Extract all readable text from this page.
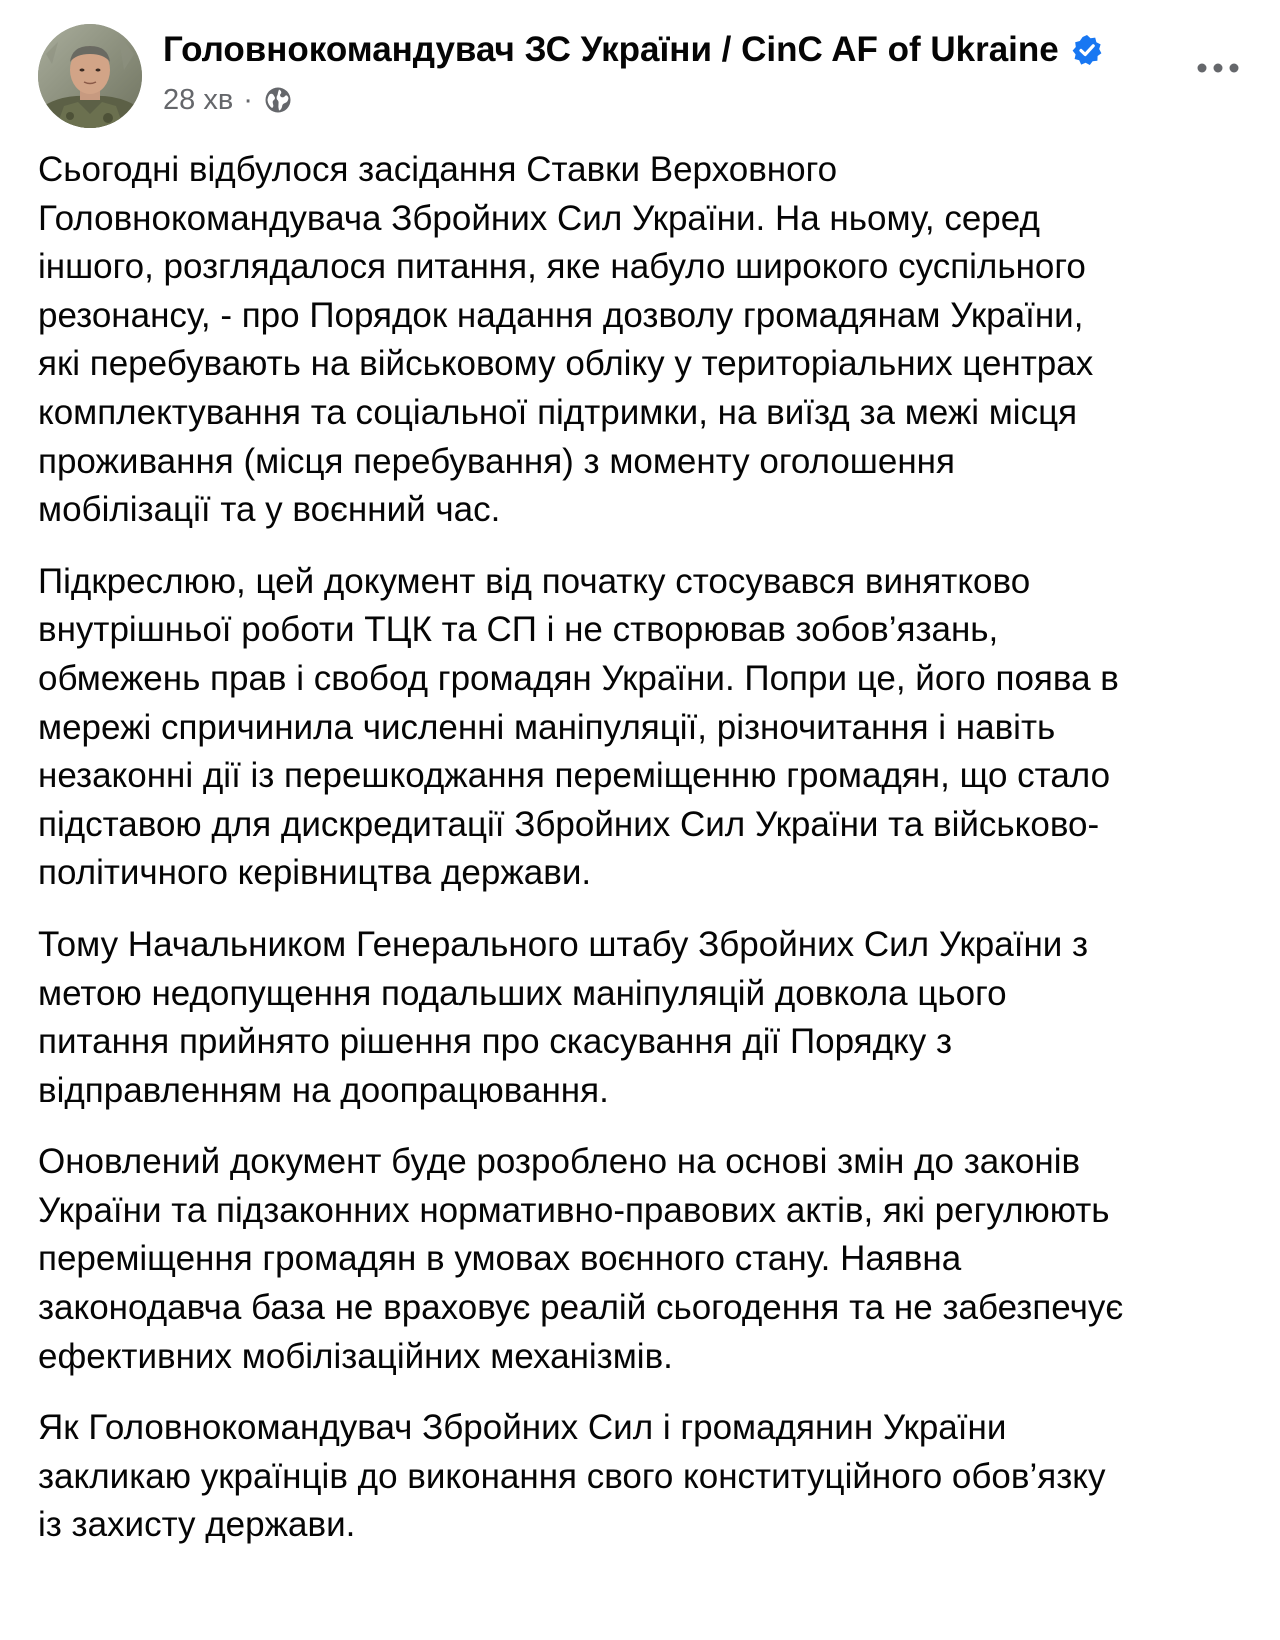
Головнокомандувач ЗС України / CinC AF of Ukraine
28 хв ·

Сьогодні відбулося засідання Ставки Верховного
Головнокомандувача Збройних Сил України. На ньому, серед
іншого, розглядалося питання, яке набуло широкого суспільного
резонансу, - про Порядок надання дозволу громадянам України,
які перебувають на військовому обліку у територіальних центрах
комплектування та соціальної підтримки, на виїзд за межі місця
проживання (місця перебування) з моменту оголошення
мобілізації та у воєнний час.

Підкреслюю, цей документ від початку стосувався винятково
внутрішньої роботи ТЦК та СП і не створював зобов’язань,
обмежень прав і свобод громадян України. Попри це, його поява в
мережі спричинила численні маніпуляції, різночитання і навіть
незаконні дії із перешкоджання переміщенню громадян, що стало
підставою для дискредитації Збройних Сил України та військово-
політичного керівництва держави.

Тому Начальником Генерального штабу Збройних Сил України з
метою недопущення подальших маніпуляцій довкола цього
питання прийнято рішення про скасування дії Порядку з
відправленням на доопрацювання.

Оновлений документ буде розроблено на основі змін до законів
України та підзаконних нормативно-правових актів, які регулюють
переміщення громадян в умовах воєнного стану. Наявна
законодавча база не враховує реалій сьогодення та не забезпечує
ефективних мобілізаційних механізмів.

Як Головнокомандувач Збройних Сил і громадянин України
закликаю українців до виконання свого конституційного обов’язку
із захисту держави.
